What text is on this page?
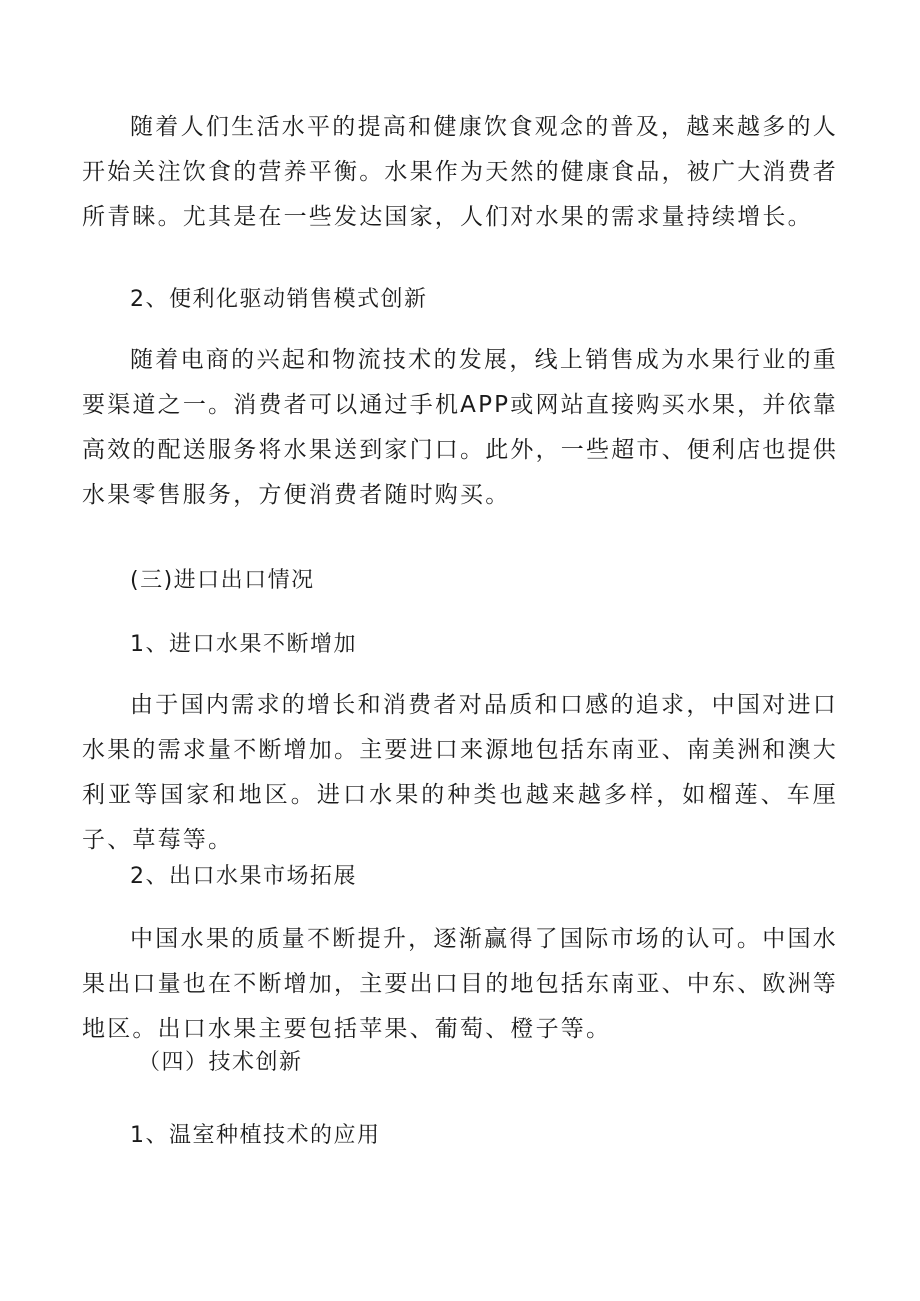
随着人们生活水平的提高和健康饮食观念的普及，越来越多的人开始关注饮食的营养平衡。水果作为天然的健康食品，被广大消费者所青睐。尤其是在一些发达国家，人们对水果的需求量持续增长。

2、便利化驱动销售模式创新

随着电商的兴起和物流技术的发展，线上销售成为水果行业的重要渠道之一。消费者可以通过手机APP或网站直接购买水果，并依靠高效的配送服务将水果送到家门口。此外，一些超市、便利店也提供水果零售服务，方便消费者随时购买。

(三)进口出口情况

1、进口水果不断增加

由于国内需求的增长和消费者对品质和口感的追求，中国对进口水果的需求量不断增加。主要进口来源地包括东南亚、南美洲和澳大利亚等国家和地区。进口水果的种类也越来越多样，如榴莲、车厘子、草莓等。

2、出口水果市场拓展

中国水果的质量不断提升，逐渐赢得了国际市场的认可。中国水果出口量也在不断增加，主要出口目的地包括东南亚、中东、欧洲等地区。出口水果主要包括苹果、葡萄、橙子等。

（四）技术创新

1、温室种植技术的应用
